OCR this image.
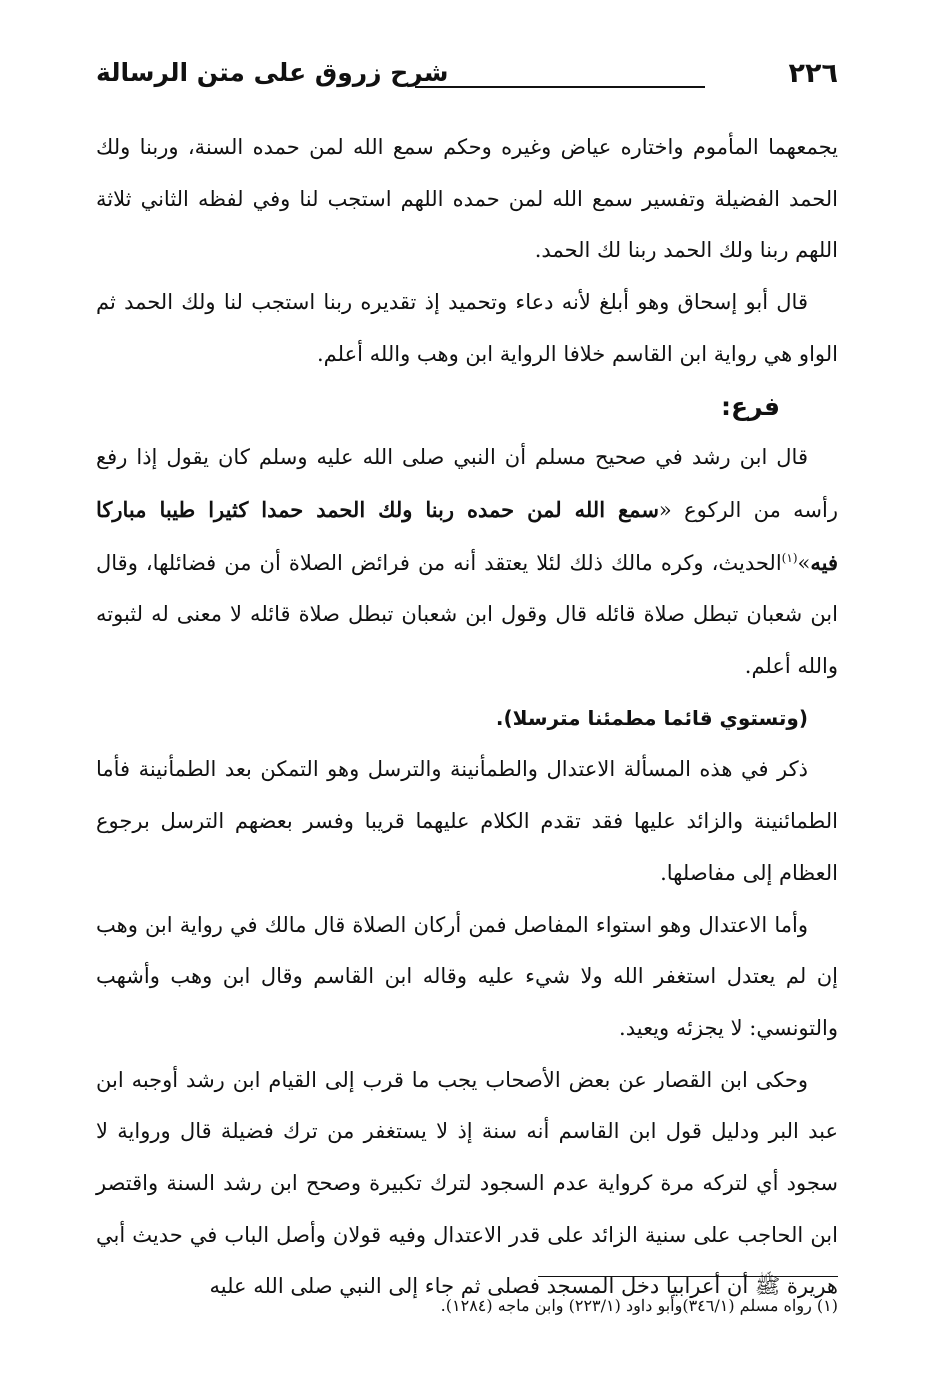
٢٢٦
شرح زروق على متن الرسالة

يجمعهما المأموم واختاره عياض وغيره وحكم سمع الله لمن حمده السنة، وربنا ولك الحمد الفضيلة وتفسير سمع الله لمن حمده اللهم استجب لنا وفي لفظه الثاني ثلاثة اللهم ربنا ولك الحمد ربنا لك الحمد.

قال أبو إسحاق وهو أبلغ لأنه دعاء وتحميد إذ تقديره ربنا استجب لنا ولك الحمد ثم الواو هي رواية ابن القاسم خلافا الرواية ابن وهب والله أعلم.

فرع:

قال ابن رشد في صحيح مسلم أن النبي صلى الله عليه وسلم كان يقول إذا رفع رأسه من الركوع «سمع الله لمن حمده ربنا ولك الحمد حمدا كثيرا طيبا مباركا فيه»$^{(١)}$الحديث، وكره مالك ذلك لئلا يعتقد أنه من فرائض الصلاة أن من فضائلها، وقال ابن شعبان تبطل صلاة قائله قال وقول ابن شعبان تبطل صلاة قائله لا معنى له لثبوته والله أعلم.

(وتستوي قائما مطمئنا مترسلا).

ذكر في هذه المسألة الاعتدال والطمأنينة والترسل وهو التمكن بعد الطمأنينة فأما الطمائنينة والزائد عليها فقد تقدم الكلام عليهما قريبا وفسر بعضهم الترسل برجوع العظام إلى مفاصلها.

وأما الاعتدال وهو استواء المفاصل فمن أركان الصلاة قال مالك في رواية ابن وهب إن لم يعتدل استغفر الله ولا شيء عليه وقاله ابن القاسم وقال ابن وهب وأشهب والتونسي: لا يجزئه ويعيد.

وحكى ابن القصار عن بعض الأصحاب يجب ما قرب إلى القيام ابن رشد أوجبه ابن عبد البر ودليل قول ابن القاسم أنه سنة إذ لا يستغفر من ترك فضيلة قال ورواية لا سجود أي لتركه مرة كرواية عدم السجود لترك تكبيرة وصحح ابن رشد السنة واقتصر ابن الحاجب على سنية الزائد على قدر الاعتدال وفيه قولان وأصل الباب في حديث أبي هريرة ﷺ أن أعرابيا دخل المسجد فصلى ثم جاء إلى النبي صلى الله عليه

(١) رواه مسلم (٣٤٦/١)وأبو داود (٢٢٣/١) وابن ماجه (١٢٨٤).
